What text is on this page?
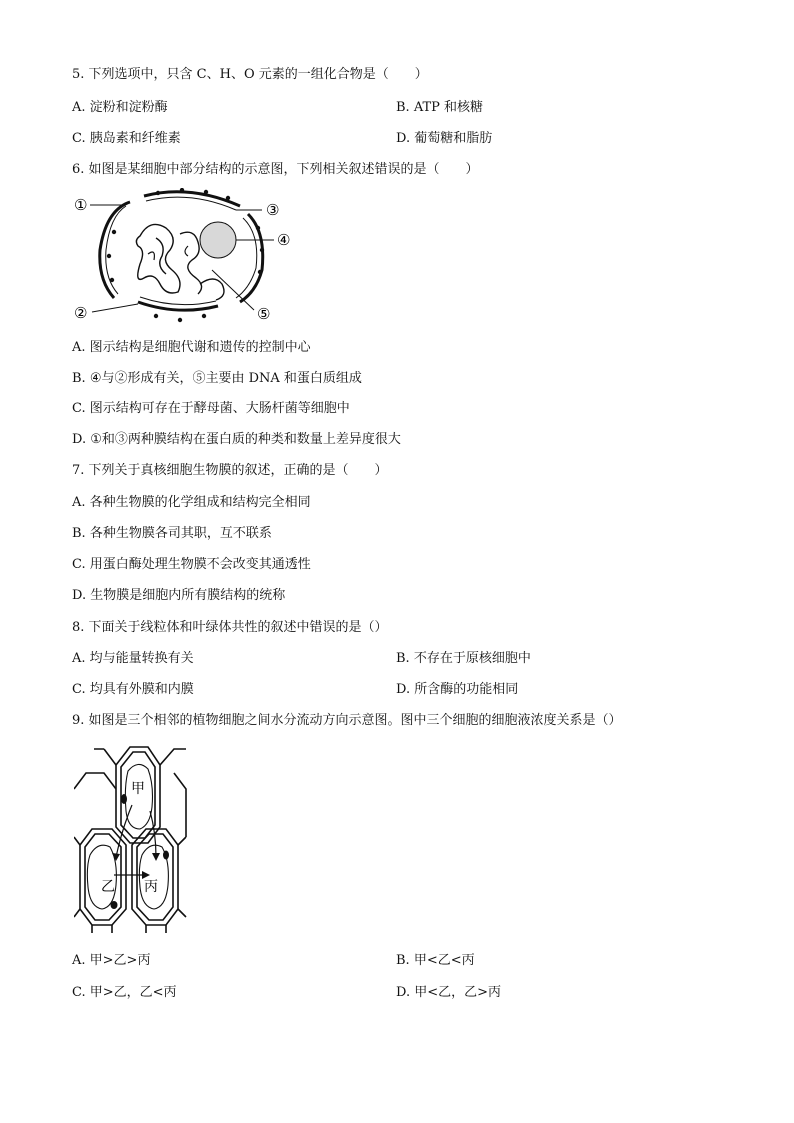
5. 下列选项中，只含 C、H、O 元素的一组化合物是（　　）
A. 淀粉和淀粉酶	B. ATP 和核糖
C. 胰岛素和纤维素	D. 葡萄糖和脂肪
6. 如图是某细胞中部分结构的示意图，下列相关叙述错误的是（　　）
①	③
④
②	⑤
A. 图示结构是细胞代谢和遗传的控制中心
B. ④与②形成有关，⑤主要由 DNA 和蛋白质组成
C. 图示结构可存在于酵母菌、大肠杆菌等细胞中
D. ①和③两种膜结构在蛋白质的种类和数量上差异度很大
7. 下列关于真核细胞生物膜的叙述，正确的是（　　）
A. 各种生物膜的化学组成和结构完全相同
B. 各种生物膜各司其职，互不联系
C. 用蛋白酶处理生物膜不会改变其通透性
D. 生物膜是细胞内所有膜结构的统称
8. 下面关于线粒体和叶绿体共性的叙述中错误的是（）
A. 均与能量转换有关	B. 不存在于原核细胞中
C. 均具有外膜和内膜	D. 所含酶的功能相同
9. 如图是三个相邻的植物细胞之间水分流动方向示意图。图中三个细胞的细胞液浓度关系是（）
甲
乙 丙
A. 甲>乙>丙	B. 甲<乙<丙
C. 甲>乙，乙<丙	D. 甲<乙，乙>丙
